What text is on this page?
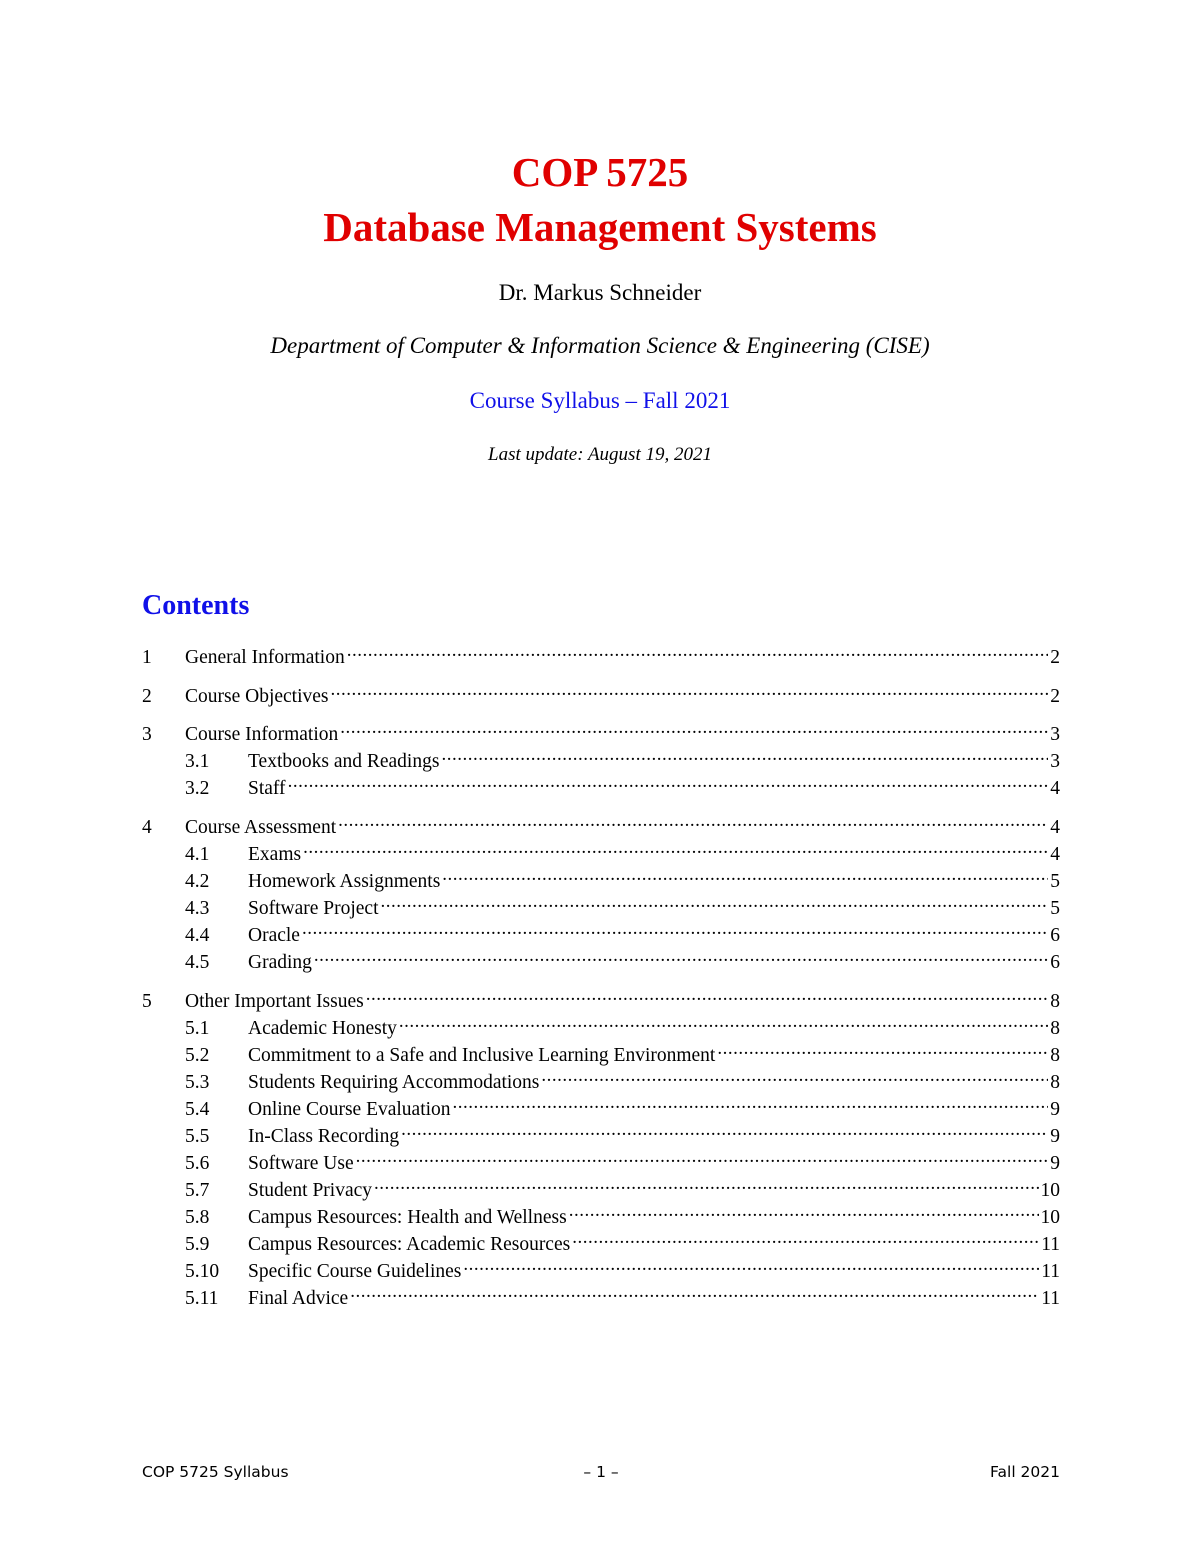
COP 5725
Database Management Systems
Dr. Markus Schneider
Department of Computer & Information Science & Engineering (CISE)
Course Syllabus – Fall 2021
Last update: August 19, 2021
Contents
1	General Information .....	2
2	Course Objectives .....	2
3	Course Information .....	3
3.1	Textbooks and Readings .....	3
3.2	Staff .....	4
4	Course Assessment .....	4
4.1	Exams .....	4
4.2	Homework Assignments .....	5
4.3	Software Project .....	5
4.4	Oracle .....	6
4.5	Grading .....	6
5	Other Important Issues .....	8
5.1	Academic Honesty .....	8
5.2	Commitment to a Safe and Inclusive Learning Environment .....	8
5.3	Students Requiring Accommodations .....	8
5.4	Online Course Evaluation .....	9
5.5	In-Class Recording .....	9
5.6	Software Use .....	9
5.7	Student Privacy .....	10
5.8	Campus Resources: Health and Wellness .....	10
5.9	Campus Resources: Academic Resources .....	11
5.10	Specific Course Guidelines .....	11
5.11	Final Advice .....	11
COP 5725 Syllabus	– 1 –	Fall 2021
